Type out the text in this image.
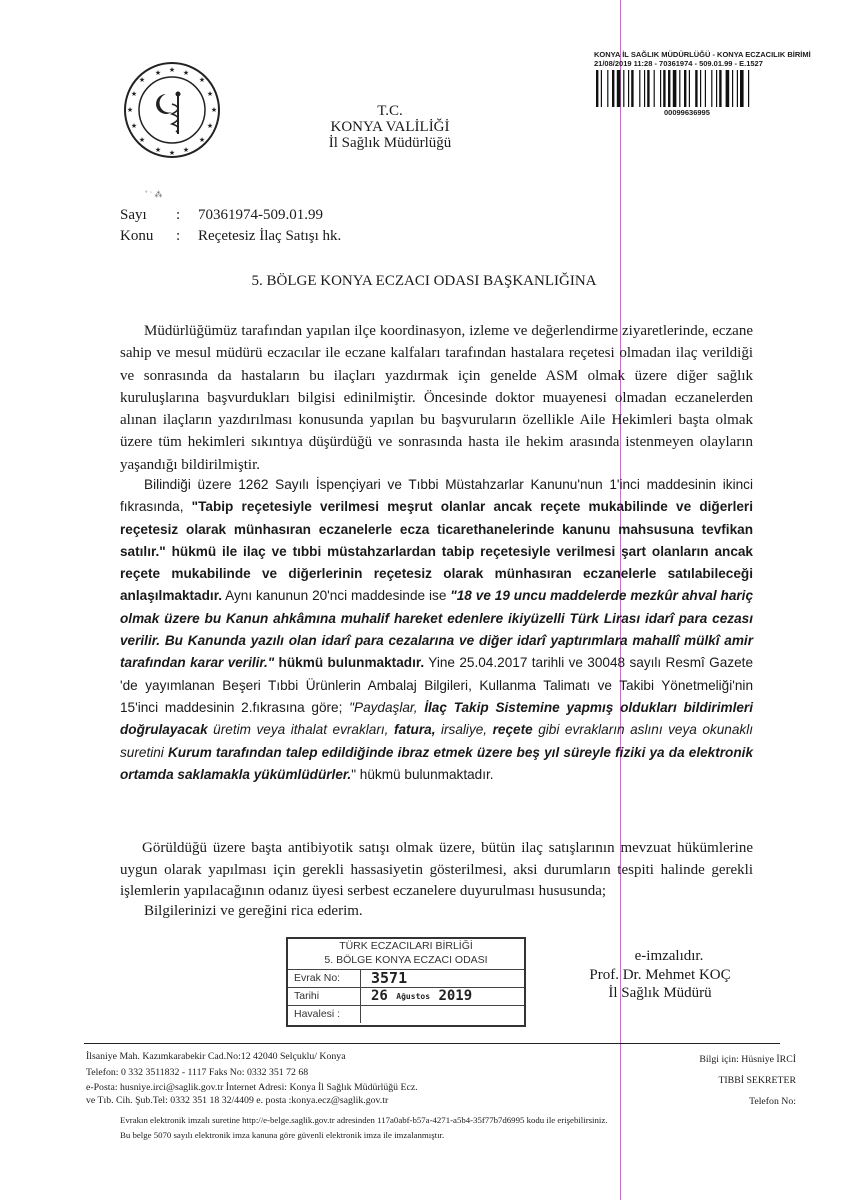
★
★
★
★
★
★
★
★
★	★
★
★
★
★
★
★
T.C.
KONYA VALİLİĞİ
İl Sağlık Müdürlüğü
KONYA İL SAĞLIK MÜDÜRLÜĞÜ - KONYA ECZACILIK BİRİMİ
21/08/2019 11:28 - 70361974 - 509.01.99 - E.1527
00099636995
˚ ˙ ⁂
Sayı	:	70361974-509.01.99
Konu	:	Reçetesiz İlaç Satışı hk.
5. BÖLGE KONYA ECZACI ODASI BAŞKANLIĞINA
Müdürlüğümüz tarafından yapılan ilçe koordinasyon, izleme ve değerlendirme ziyaretlerinde, eczane sahip ve mesul müdürü eczacılar ile eczane kalfaları tarafından hastalara reçetesi olmadan ilaç verildiği ve sonrasında da hastaların bu ilaçları yazdırmak için genelde ASM olmak üzere diğer sağlık kuruluşlarına başvurdukları bilgisi edinilmiştir. Öncesinde doktor muayenesi olmadan eczanelerden alınan ilaçların yazdırılması konusunda yapılan bu başvuruların özellikle Aile Hekimleri başta olmak üzere tüm hekimleri sıkıntıya düşürdüğü ve sonrasında hasta ile hekim arasında istenmeyen olayların yaşandığı bildirilmiştir.
Bilindiği üzere 1262 Sayılı İspençiyari ve Tıbbi Müstahzarlar Kanunu'nun 1'inci maddesinin ikinci fıkrasında, "Tabip reçetesiyle verilmesi meşrut olanlar ancak reçete mukabilinde ve diğerleri reçetesiz olarak münhasıran eczanelerle ecza ticarethanelerinde kanunu mahsusuna tevfikan satılır." hükmü ile ilaç ve tıbbi müstahzarlardan tabip reçetesiyle verilmesi şart olanların ancak reçete mukabilinde ve diğerlerinin reçetesiz olarak münhasıran eczanelerle satılabileceği anlaşılmaktadır. Aynı kanunun 20'nci maddesinde ise "18 ve 19 uncu maddelerde mezkûr ahval hariç olmak üzere bu Kanun ahkâmına muhalif hareket edenlere ikiyüzelli Türk Lirası idarî para cezası verilir. Bu Kanunda yazılı olan idarî para cezalarına ve diğer idarî yaptırımlara mahallî mülkî amir tarafından karar verilir." hükmü bulunmaktadır. Yine 25.04.2017 tarihli ve 30048 sayılı Resmî Gazete 'de yayımlanan Beşeri Tıbbi Ürünlerin Ambalaj Bilgileri, Kullanma Talimatı ve Takibi Yönetmeliği'nin 15'inci maddesinin 2.fıkrasına göre; "Paydaşlar, İlaç Takip Sistemine yapmış oldukları bildirimleri doğrulayacak üretim veya ithalat evrakları, fatura, irsaliye, reçete gibi evrakların aslını veya okunaklı suretini Kurum tarafından talep edildiğinde ibraz etmek üzere beş yıl süreyle fiziki ya da elektronik ortamda saklamakla yükümlüdürler." hükmü bulunmaktadır.
Görüldüğü üzere başta antibiyotik satışı olmak üzere, bütün ilaç satışlarının mevzuat hükümlerine uygun olarak yapılması için gerekli hassasiyetin gösterilmesi, aksi durumların tespiti halinde gerekli işlemlerin yapılacağının odanız üyesi serbest eczanelere duyurulması hususunda;
Bilgilerinizi ve gereğini rica ederim.
TÜRK ECZACILARI BİRLİĞİ
5. BÖLGE KONYA ECZACI ODASI
Evrak No:	3571
Tarihi	26 $^{Ağustos}$ 2019
Havalesi :
e-imzalıdır.
Prof. Dr. Mehmet KOÇ
İl Sağlık Müdürü
İlsaniye Mah. Kazımkarabekir Cad.No:12 42040 Selçuklu/ Konya
Telefon: 0 332 3511832 - 1117 Faks No: 0332 351 72 68
e-Posta: husniye.irci@saglik.gov.tr İnternet Adresi: Konya İl Sağlık Müdürlüğü Ecz.
ve Tıb. Cih. Şub.Tel: 0332 351 18 32/4409 e. posta :konya.ecz@saglik.gov.tr
Bilgi için: Hüsniye İRCİ
TIBBİ SEKRETER
Telefon No:
Evrakın elektronik imzalı suretine http://e-belge.saglik.gov.tr adresinden 117a0abf-b57a-4271-a5b4-35f77b7d6995 kodu ile erişebilirsiniz.
Bu belge 5070 sayılı elektronik imza kanuna göre güvenli elektronik imza ile imzalanmıştır.
